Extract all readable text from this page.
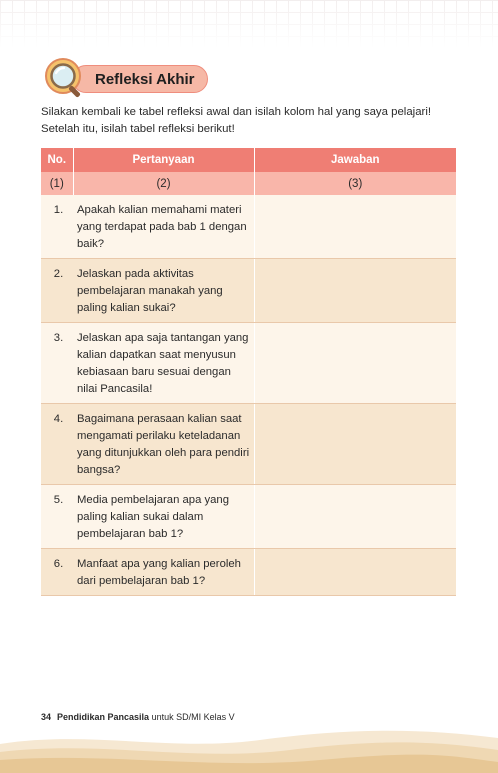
Refleksi Akhir

Silakan kembali ke tabel refleksi awal dan isilah kolom hal yang saya pelajari!

Setelah itu, isilah tabel refleksi berikut!

No.	Pertanyaan	Jawaban
(1)	(2)	(3)
1.	Apakah kalian memahami materi yang terdapat pada bab 1 dengan baik?	
2.	Jelaskan pada aktivitas pembelajaran manakah yang paling kalian sukai?	
3.	Jelaskan apa saja tantangan yang kalian dapatkan saat menyusun kebiasaan baru sesuai dengan nilai Pancasila!	
4.	Bagaimana perasaan kalian saat mengamati perilaku keteladanan yang ditunjukkan oleh para pendiri bangsa?	
5.	Media pembelajaran apa yang paling kalian sukai dalam pembelajaran bab 1?	
6.	Manfaat apa yang kalian peroleh dari pembelajaran bab 1?	
34 Pendidikan Pancasila untuk SD/MI Kelas V
